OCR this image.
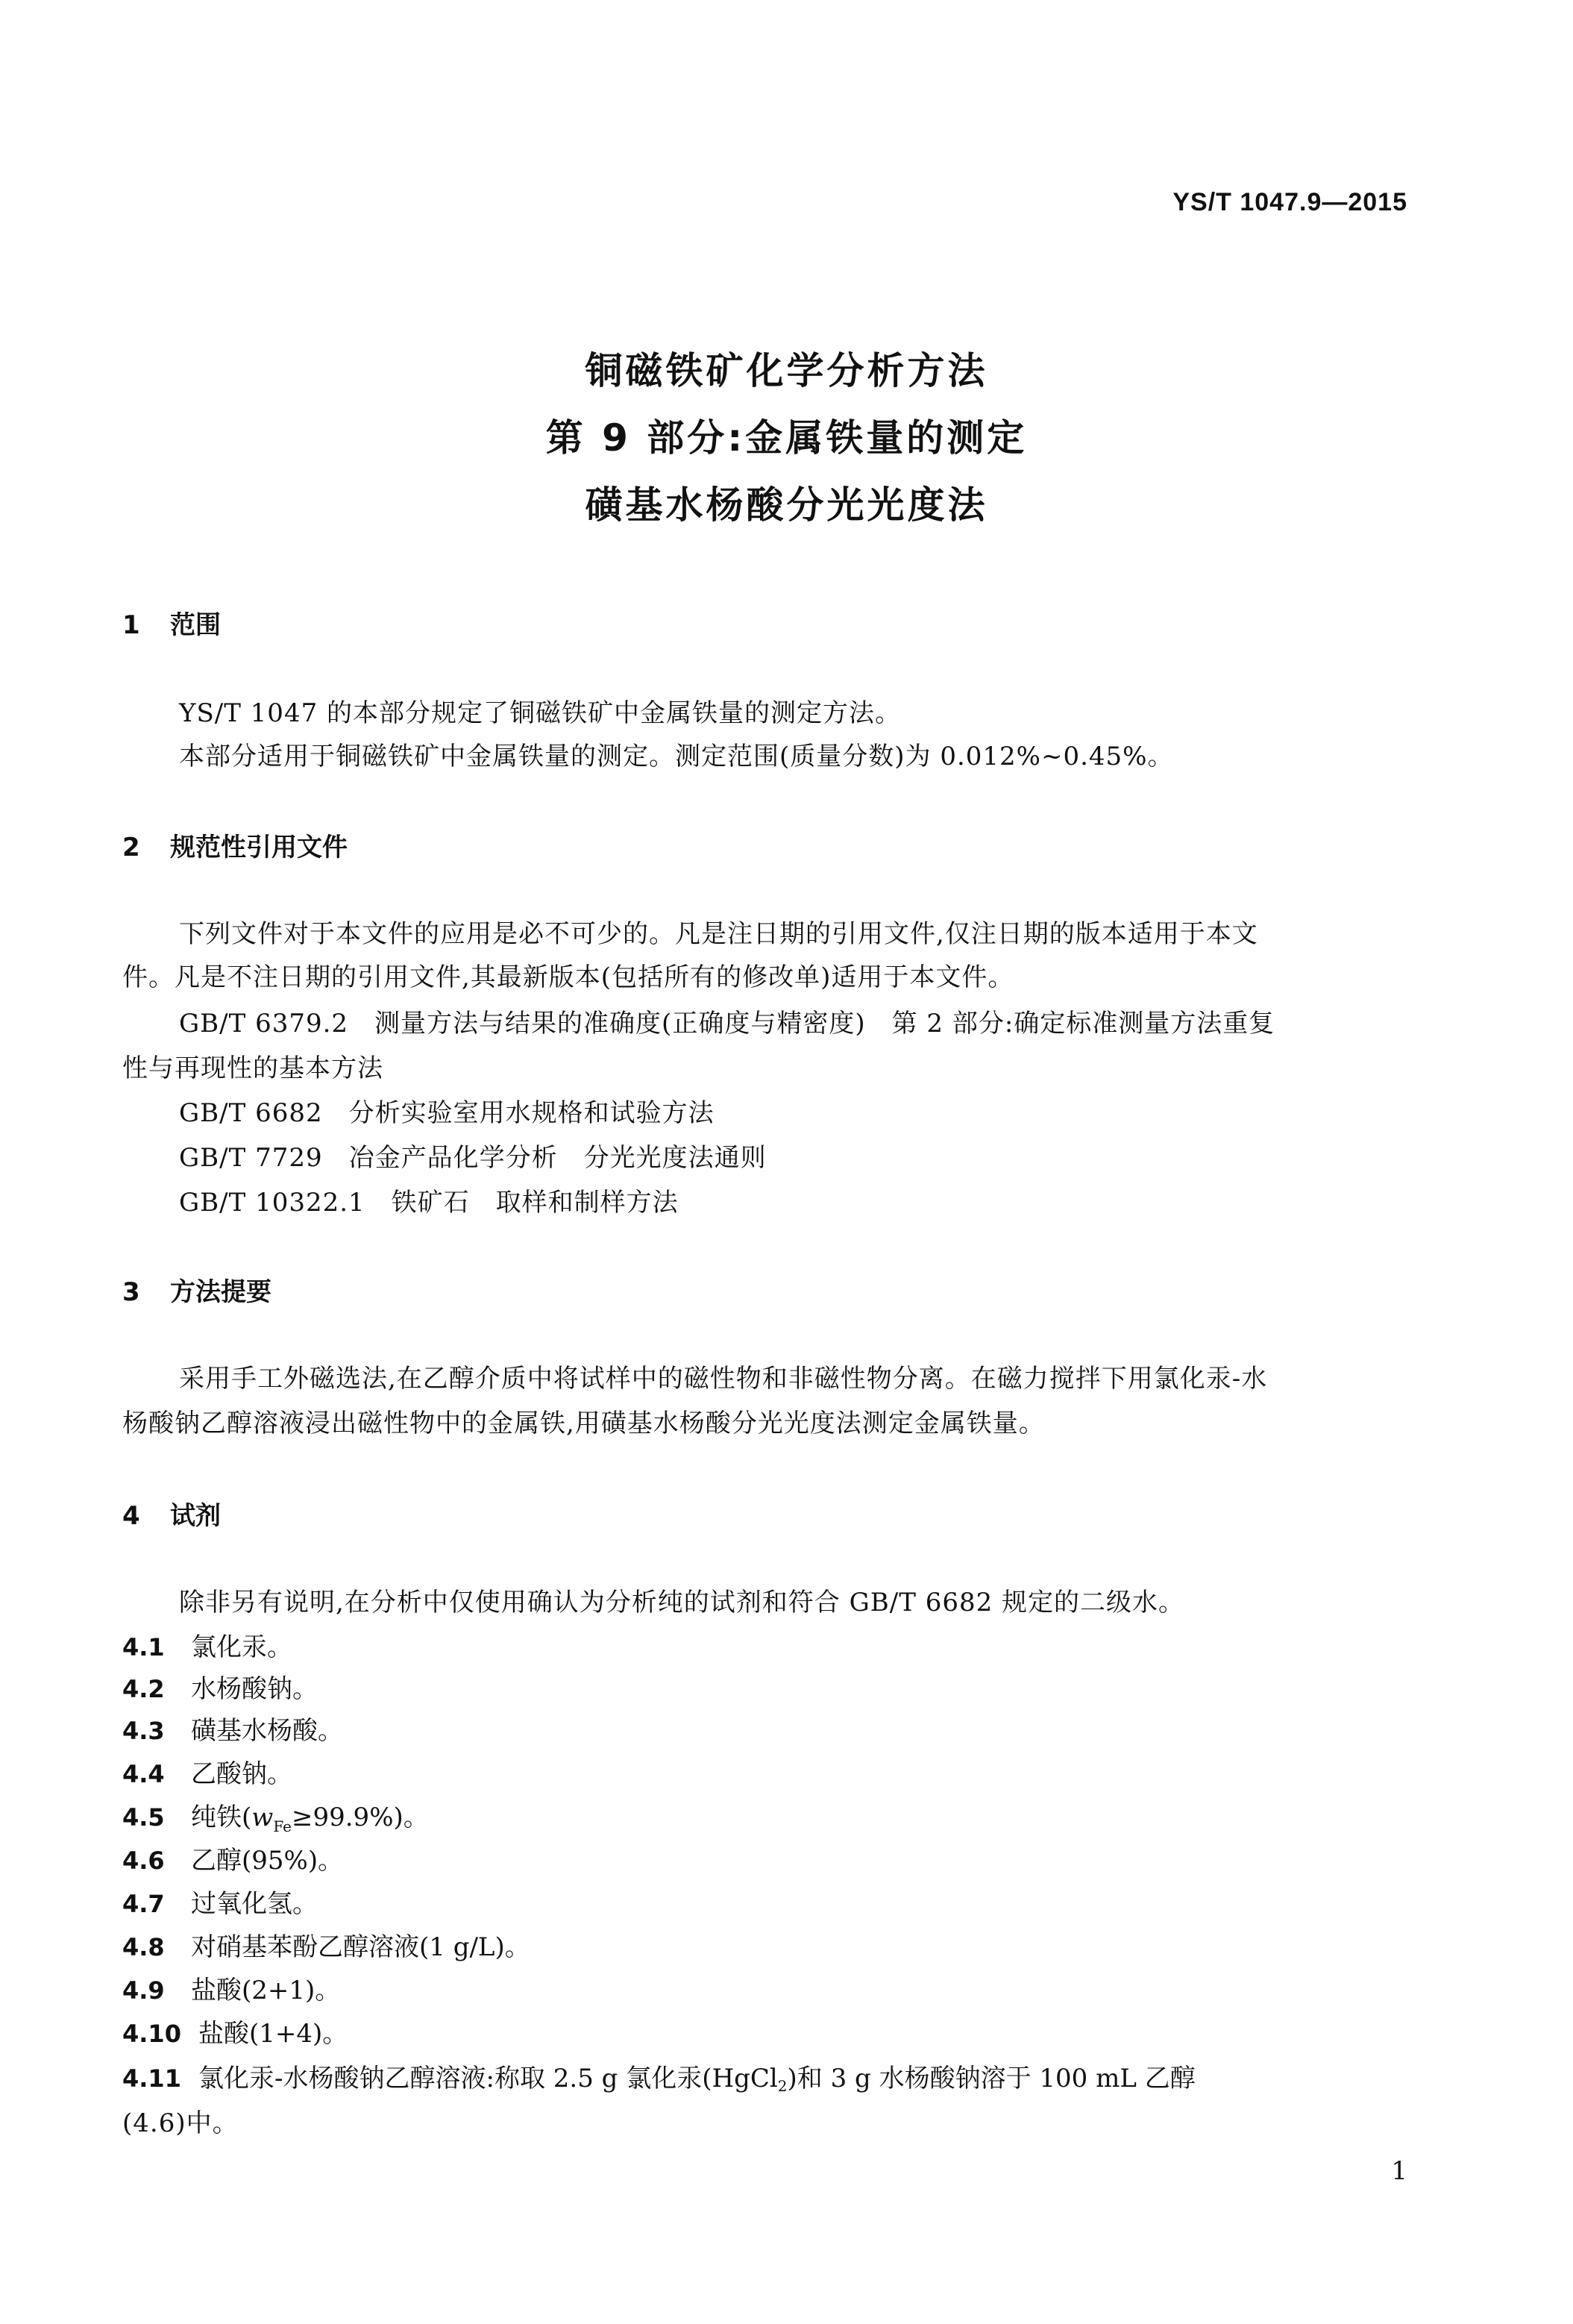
YS/T 1047.9—2015
铜磁铁矿化学分析方法
第 9 部分:金属铁量的测定
磺基水杨酸分光光度法
1 范围
YS/T 1047 的本部分规定了铜磁铁矿中金属铁量的测定方法。
本部分适用于铜磁铁矿中金属铁量的测定。测定范围(质量分数)为 0.012%~0.45%。
2 规范性引用文件
下列文件对于本文件的应用是必不可少的。凡是注日期的引用文件,仅注日期的版本适用于本文
件。凡是不注日期的引用文件,其最新版本(包括所有的修改单)适用于本文件。
GB/T 6379.2　测量方法与结果的准确度(正确度与精密度)　第 2 部分:确定标准测量方法重复
性与再现性的基本方法
GB/T 6682　分析实验室用水规格和试验方法
GB/T 7729　冶金产品化学分析　分光光度法通则
GB/T 10322.1　铁矿石　取样和制样方法
3 方法提要
采用手工外磁选法,在乙醇介质中将试样中的磁性物和非磁性物分离。在磁力搅拌下用氯化汞-水
杨酸钠乙醇溶液浸出磁性物中的金属铁,用磺基水杨酸分光光度法测定金属铁量。
4 试剂
除非另有说明,在分析中仅使用确认为分析纯的试剂和符合 GB/T 6682 规定的二级水。
4.1 氯化汞。
4.2 水杨酸钠。
4.3 磺基水杨酸。
4.4 乙酸钠。
4.5 纯铁$(w_{Fe}\ge 99.9\%)$。
4.6 乙醇(95%)。
4.7 过氧化氢。
4.8 对硝基苯酚乙醇溶液(1 g/L)。
4.9 盐酸(2+1)。
4.10 盐酸(1+4)。
4.11 氯化汞-水杨酸钠乙醇溶液:称取 2.5 g 氯化汞(HgCl2)和 3 g 水杨酸钠溶于 100 mL 乙醇
(4.6)中。
1
